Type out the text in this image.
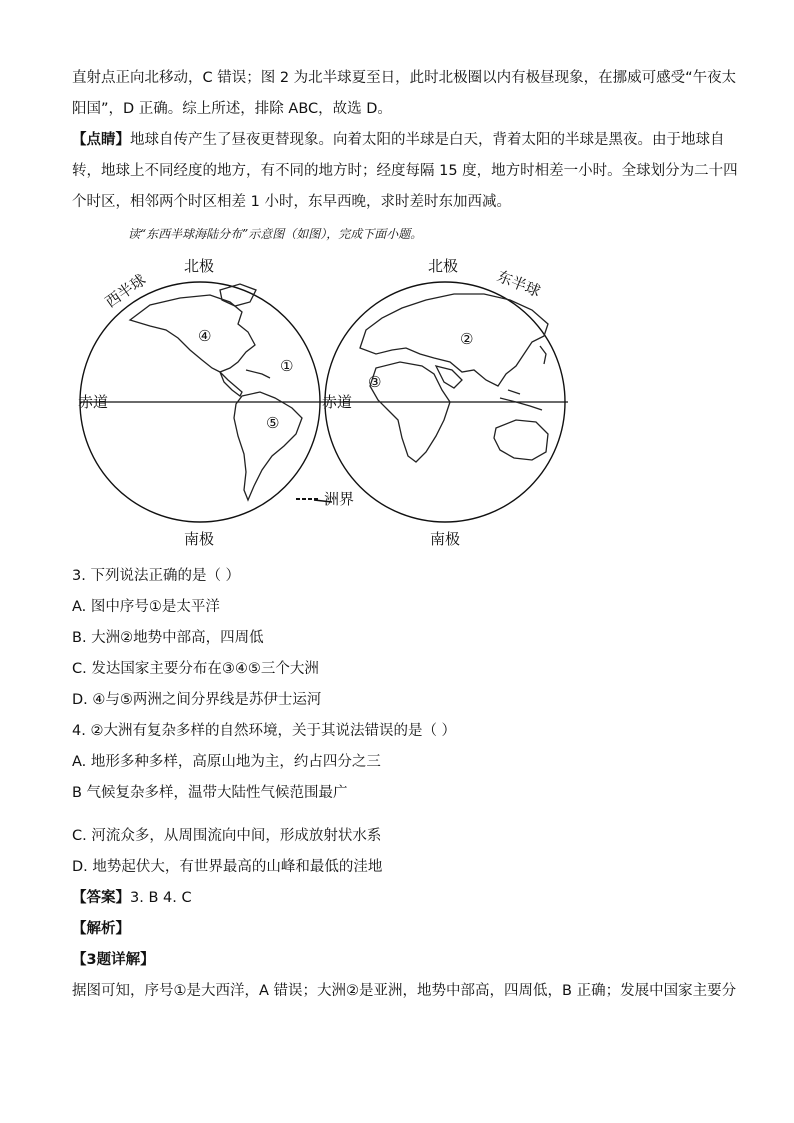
直射点正向北移动，C 错误；图 2 为北半球夏至日，此时北极圈以内有极昼现象，在挪威可感受“午夜太
阳国”，D 正确。综上所述，排除 ABC，故选 D。
【点睛】地球自传产生了昼夜更替现象。向着太阳的半球是白天，背着太阳的半球是黑夜。由于地球自
转，地球上不同经度的地方，有不同的地方时；经度每隔 15 度，地方时相差一小时。全球划分为二十四
个时区，相邻两个时区相差 1 小时，东早西晚，求时差时东加西减。
读“东西半球海陆分布”示意图（如图），完成下面小题。
北极	北极
南极	南极
赤道	赤道
西半球	东半球
①
②
③
④
⑤
洲界
3. 下列说法正确的是（ ）
A. 图中序号①是太平洋
B. 大洲②地势中部高，四周低
C. 发达国家主要分布在③④⑤三个大洲
D. ④与⑤两洲之间分界线是苏伊士运河
4. ②大洲有复杂多样的自然环境，关于其说法错误的是（ ）
A. 地形多种多样，高原山地为主，约占四分之三
B 气候复杂多样，温带大陆性气候范围最广
C. 河流众多，从周围流向中间，形成放射状水系
D. 地势起伏大，有世界最高的山峰和最低的洼地
【答案】3. B 4. C
【解析】
【3题详解】
据图可知，序号①是大西洋，A 错误；大洲②是亚洲，地势中部高，四周低，B 正确；发展中国家主要分
